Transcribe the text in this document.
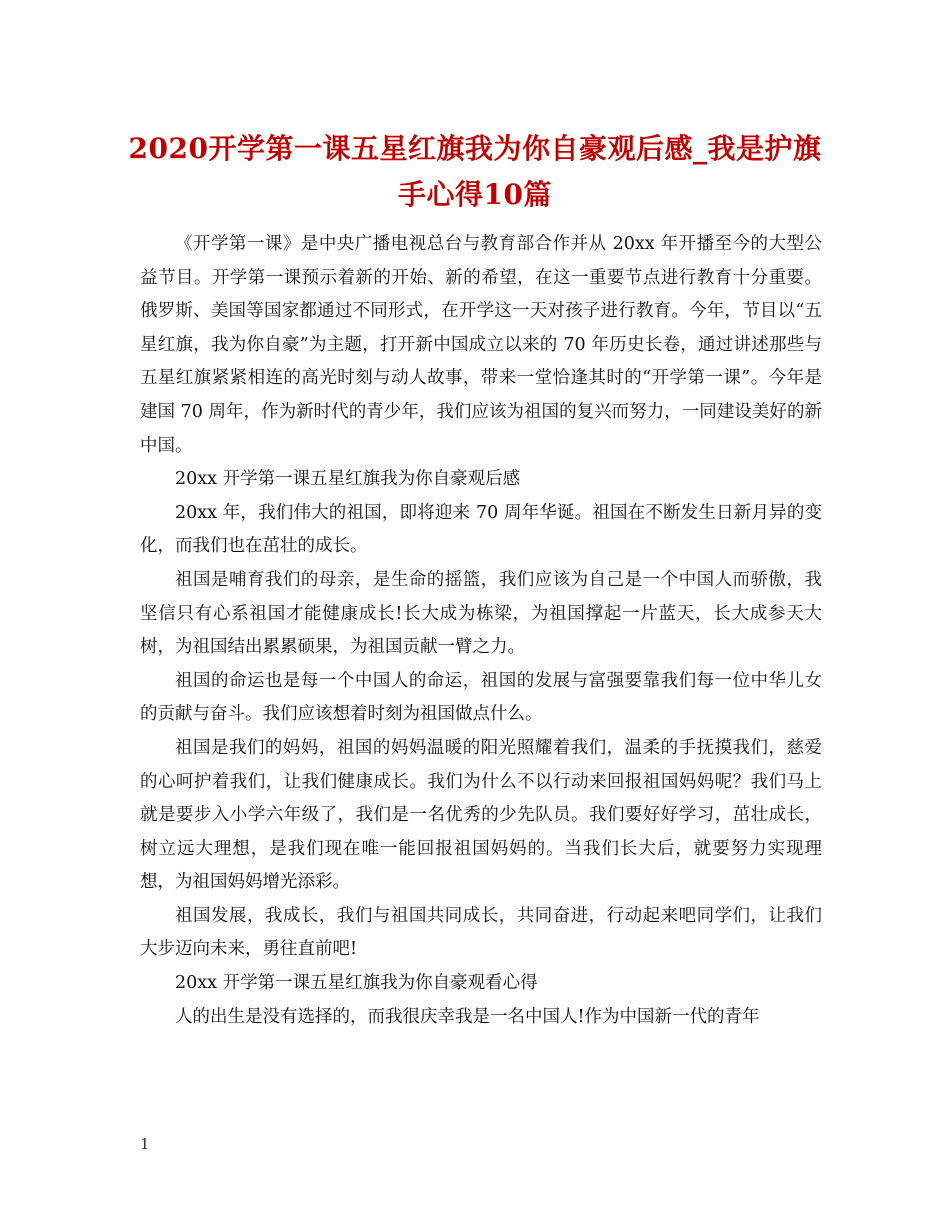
2020开学第一课五星红旗我为你自豪观后感_我是护旗手心得10篇

《开学第一课》是中央广播电视总台与教育部合作并从 20xx 年开播至今的大型公益节目。开学第一课预示着新的开始、新的希望，在这一重要节点进行教育十分重要。俄罗斯、美国等国家都通过不同形式，在开学这一天对孩子进行教育。今年，节目以“五星红旗，我为你自豪”为主题，打开新中国成立以来的 70 年历史长卷，通过讲述那些与五星红旗紧紧相连的高光时刻与动人故事，带来一堂恰逢其时的“开学第一课”。今年是建国 70 周年，作为新时代的青少年，我们应该为祖国的复兴而努力，一同建设美好的新中国。

20xx 开学第一课五星红旗我为你自豪观后感

20xx 年，我们伟大的祖国，即将迎来 70 周年华诞。祖国在不断发生日新月异的变化，而我们也在茁壮的成长。

祖国是哺育我们的母亲，是生命的摇篮，我们应该为自己是一个中国人而骄傲，我坚信只有心系祖国才能健康成长!长大成为栋梁，为祖国撑起一片蓝天，长大成参天大树，为祖国结出累累硕果，为祖国贡献一臂之力。

祖国的命运也是每一个中国人的命运，祖国的发展与富强要靠我们每一位中华儿女的贡献与奋斗。我们应该想着时刻为祖国做点什么。

祖国是我们的妈妈，祖国的妈妈温暖的阳光照耀着我们，温柔的手抚摸我们，慈爱的心呵护着我们，让我们健康成长。我们为什么不以行动来回报祖国妈妈呢？我们马上就是要步入小学六年级了，我们是一名优秀的少先队员。我们要好好学习，茁壮成长，树立远大理想，是我们现在唯一能回报祖国妈妈的。当我们长大后，就要努力实现理想，为祖国妈妈增光添彩。

祖国发展，我成长，我们与祖国共同成长，共同奋进，行动起来吧同学们，让我们大步迈向未来，勇往直前吧!

20xx 开学第一课五星红旗我为你自豪观看心得

人的出生是没有选择的，而我很庆幸我是一名中国人!作为中国新一代的青年

1
